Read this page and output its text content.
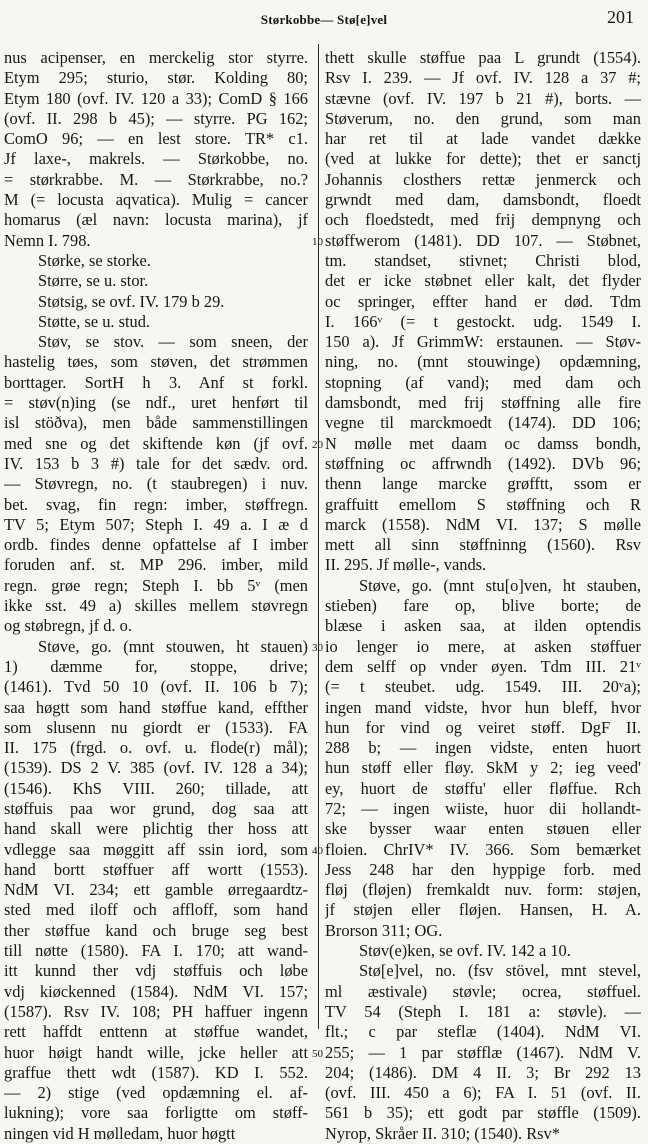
Størkobbe— Stø[e]vel	201
nus acipenser, en merckelig stor styrre.
Etym 295; sturio, stør. Kolding 80;
Etym 180 (ovf. IV. 120 a 33); ComD § 166
(ovf. II. 298 b 45); — styrre. PG 162;
ComO 96; — en lest store. TR* c1.
Jf laxe-, makrels. — Størkobbe, no.
= størkrabbe. M. — Størkrabbe, no.?
M (= locusta aqvatica). Mulig = cancer
homarus (æl navn: locusta marina), jf
Nemn I. 798.
Størke, se storke.
Større, se u. stor.
Støtsig, se ovf. IV. 179 b 29.
Støtte, se u. stud.
Støv, se stov. — som sneen, der
hastelig tøes, som støven, det strømmen
borttager. SortH h 3. Anf st forkl.
= støv(n)ing (se ndf., uret henført til
isl stöðva), men både sammenstillingen
med sne og det skiftende køn (jf ovf.
IV. 153 b 3 #) tale for det sædv. ord.
— Støvregn, no. (t staubregen) i nuv.
bet. svag, fin regn: imber, støffregn.
TV 5; Etym 507; Steph I. 49 a. I æ d
ordb. findes denne opfattelse af I imber
foruden anf. st. MP 296. imber, mild
regn. grøe regn; Steph I. bb 5ᵛ (men
ikke sst. 49 a) skilles mellem støvregn
og støbregn, jf d. o.
Støve, go. (mnt stouwen, ht stauen)
1) dæmme for, stoppe, drive;
(1461). Tvd 50 10 (ovf. II. 106 b 7);
saa høgtt som hand støffue kand, effther
som slusenn nu giordt er (1533). FA
II. 175 (frgd. o. ovf. u. flode(r) mål);
(1539). DS 2 V. 385 (ovf. IV. 128 a 34);
(1546). KhS VIII. 260; tillade, att
støffuis paa wor grund, dog saa att
hand skall were plichtig ther hoss att
vdlegge saa møggitt aff ssin iord, som
hand bortt støffuer aff wortt (1553).
NdM VI. 234; ett gamble ørregaardtz-
sted med iloff och affloff, som hand
ther støffue kand och bruge seg best
till nøtte (1580). FA I. 170; att wand-
itt kunnd ther vdj støffuis och løbe
vdj kiøckenned (1584). NdM VI. 157;
(1587). Rsv IV. 108; PH haffuer ingenn
rett haffdt enttenn at støffue wandet,
huor høigt handt wille, jcke heller att
graffue thett wdt (1587). KD I. 552.
— 2) stige (ved opdæmning el. af-
lukning); vore saa forligtte om støff-
ningen vid H mølledam, huor høgtt
thett skulle støffue paa L grundt (1554).
Rsv I. 239. — Jf ovf. IV. 128 a 37 #;
stævne (ovf. IV. 197 b 21 #), borts. —
Støverum, no. den grund, som man
har ret til at lade vandet dække
(ved at lukke for dette); thet er sanctj
Johannis closthers rettæ jenmerck och
grwndt med dam, damsbondt, floedt
och floedstedt, med frij dempnyng och
støffwerom (1481). DD 107. — Støbnet,
tm. standset, stivnet; Christi blod,
det er icke støbnet eller kalt, det flyder
oc springer, effter hand er død. Tdm
I. 166ᵛ (= t gestockt. udg. 1549 I.
150 a). Jf GrimmW: erstaunen. — Støv-
ning, no. (mnt stouwinge) opdæmning,
stopning (af vand); med dam och
damsbondt, med frij støffning alle fire
vegne til marckmoedt (1474). DD 106;
N mølle met daam oc damss bondh,
støffning oc affrwndh (1492). DVb 96;
thenn lange marcke grøfftt, ssom er
graffuitt emellom S støffning och R
marck (1558). NdM VI. 137; S mølle
mett all sinn støffninng (1560). Rsv
II. 295. Jf mølle-, vands.
Støve, go. (mnt stu[o]ven, ht stauben,
stieben) fare op, blive borte; de
blæse i asken saa, at ilden optendis
io lenger io mere, at asken støffuer
dem selff op vnder øyen. Tdm III. 21ᵛ
(= t steubet. udg. 1549. III. 20ᵛa);
ingen mand vidste, hvor hun bleff, hvor
hun for vind og veiret støff. DgF II.
288 b; — ingen vidste, enten huort
hun støff eller fløy. SkM y 2; ieg veed'
ey, huort de støffu' eller fløffue. Rch
72; — ingen wiiste, huor dii hollandt-
ske bysser waar enten støuen eller
floien. ChrIV* IV. 366. Som bemærket
Jess 248 har den hyppige forb. med
fløj (fløjen) fremkaldt nuv. form: støjen,
jf støjen eller fløjen. Hansen, H. A.
Brorson 311; OG.
Støv(e)ken, se ovf. IV. 142 a 10.
Stø[e]vel, no. (fsv stövel, mnt stevel,
ml æstivale) støvle; ocrea, støffuel.
TV 54 (Steph I. 181 a: støvle). —
flt.; c par steflæ (1404). NdM VI.
255; — 1 par støfflæ (1467). NdM V.
204; (1486). DM 4 II. 3; Br 292 13
(ovf. III. 450 a 6); FA I. 51 (ovf. II.
561 b 35); ett godt par støffle (1509).
Nyrop, Skråer II. 310; (1540). Rsv*
10
20
30
40
50
